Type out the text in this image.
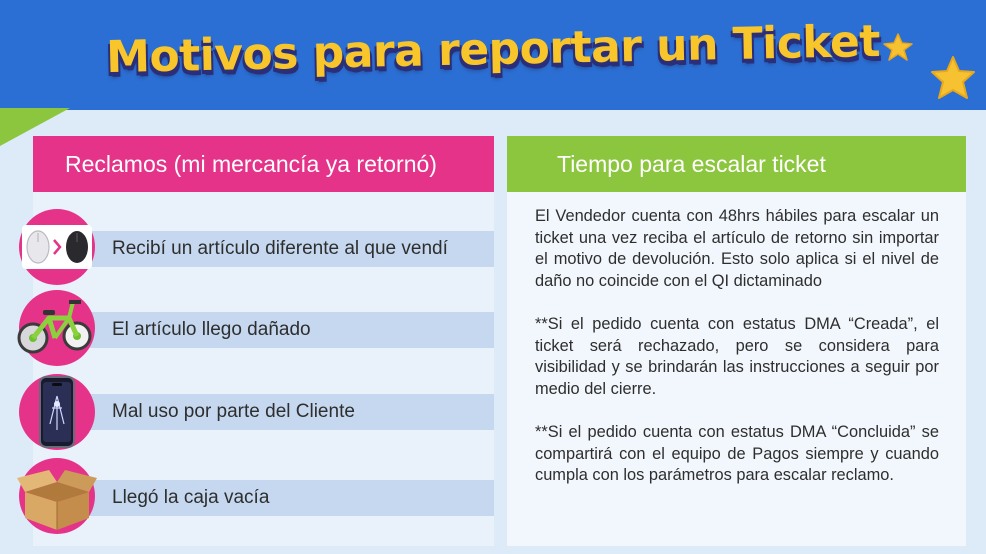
Motivos para reportar un Ticket
Reclamos (mi mercancía ya retornó)
Recibí un artículo diferente al que vendí
El artículo llego dañado
Mal uso por parte del Cliente
Llegó la caja vacía
Tiempo para escalar ticket

El Vendedor cuenta con 48hrs hábiles para escalar un ticket una vez reciba el artículo de retorno sin importar el motivo de devolución. Esto solo aplica si el nivel de daño no coincide con el QI dictaminado

**Si el pedido cuenta con estatus DMA “Creada”, el ticket será rechazado, pero se considera para visibilidad y se brindarán las instrucciones a seguir por medio del cierre.

**Si el pedido cuenta con estatus DMA “Concluida” se compartirá con el equipo de Pagos siempre y cuando cumpla con los parámetros para escalar reclamo.
